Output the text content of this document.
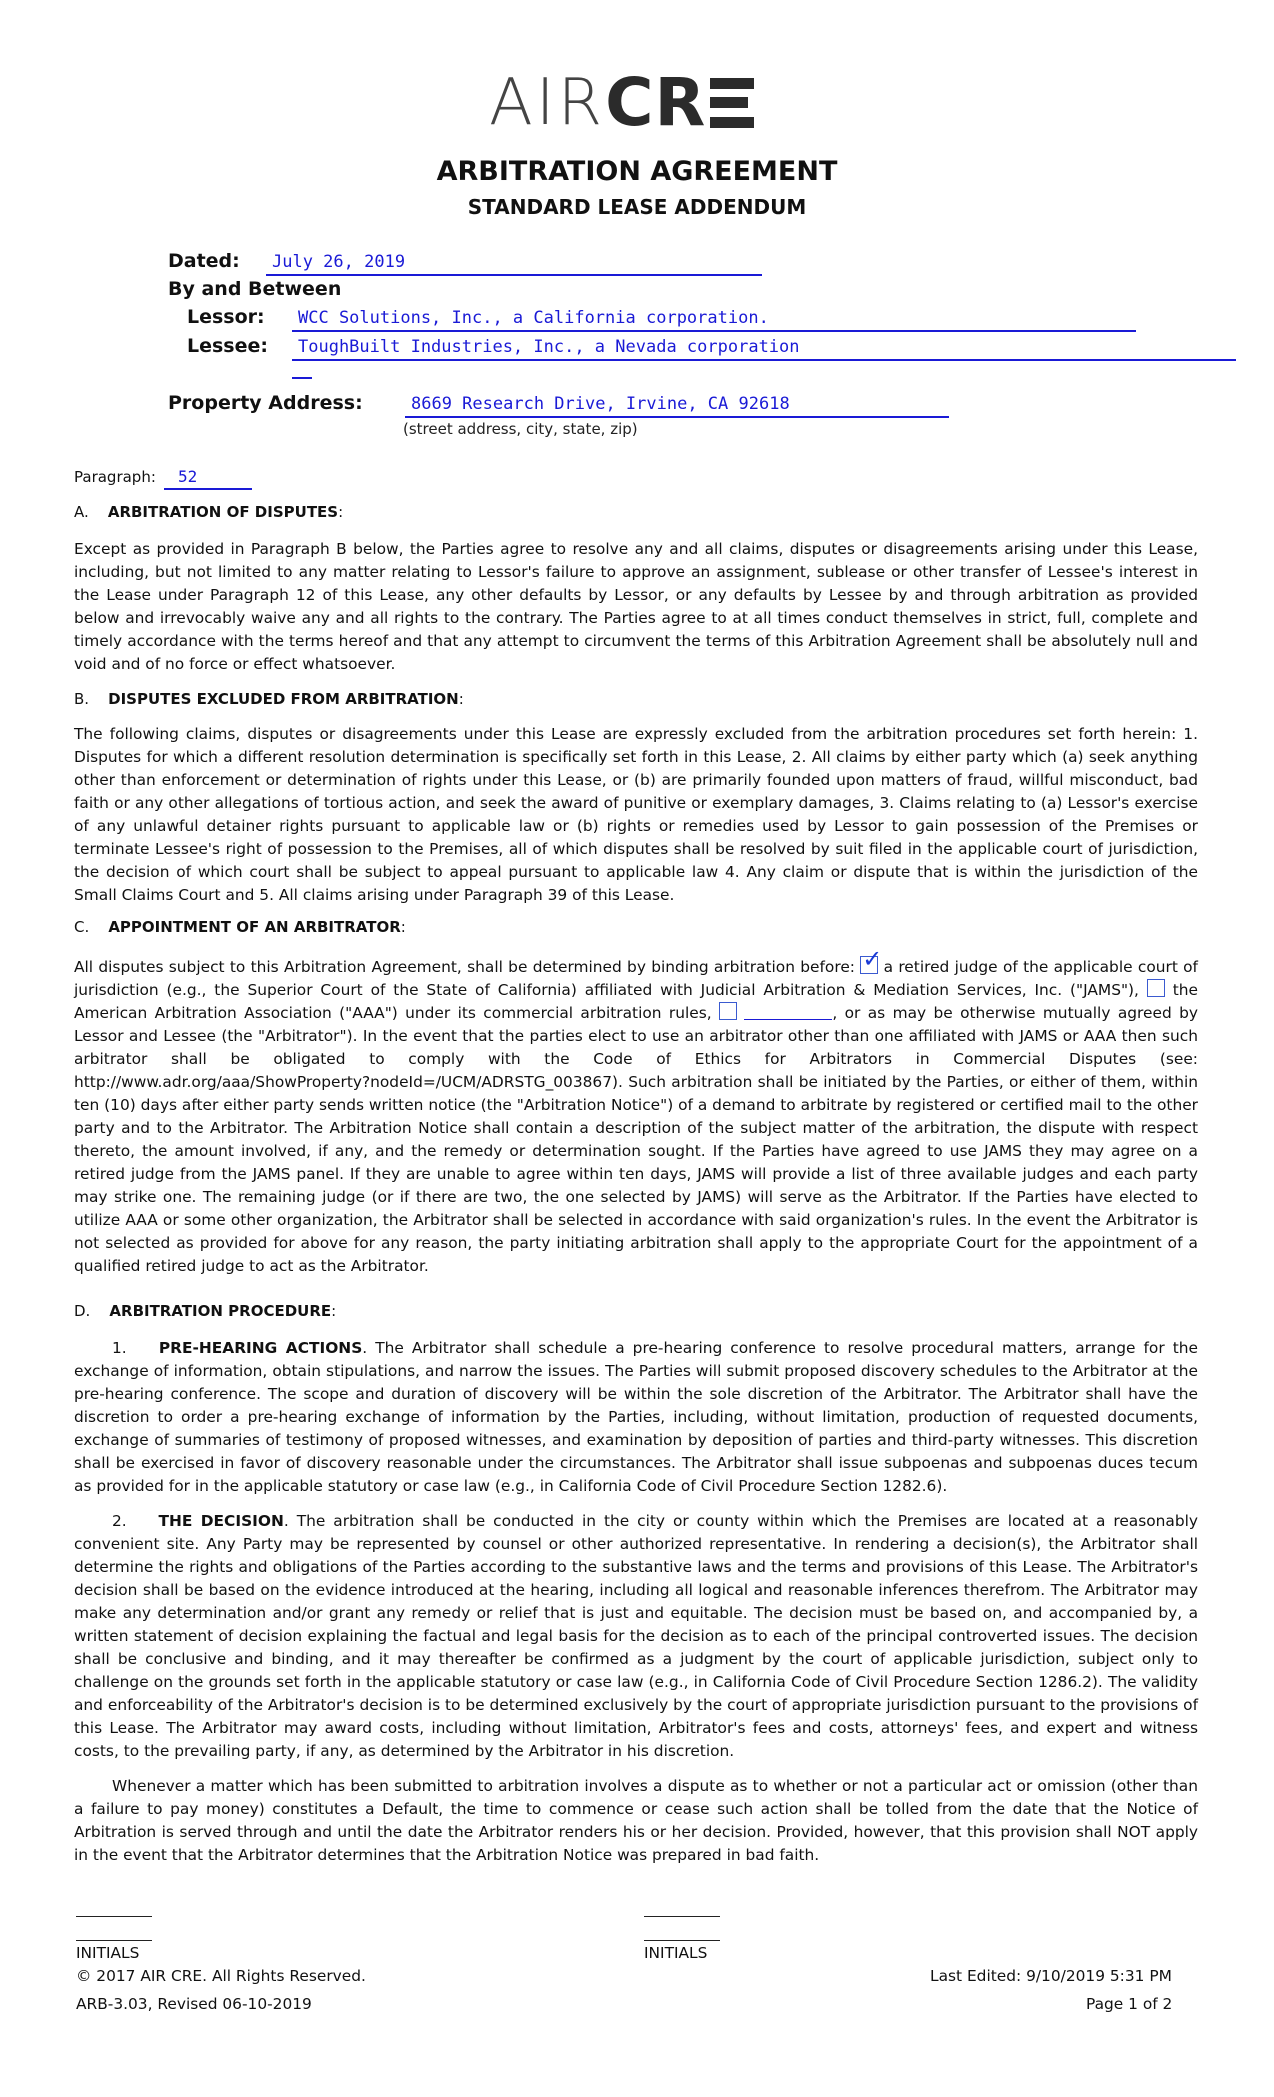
AIR CR
ARBITRATION AGREEMENT
STANDARD LEASE ADDENDUM
Dated:	July 26, 2019
By and Between
Lessor:	WCC Solutions, Inc., a California corporation.
Lessee:	ToughBuilt Industries, Inc., a Nevada corporation
Property Address:	8669 Research Drive, Irvine, CA 92618
(street address, city, state, zip)
Paragraph:	52
A. ARBITRATION OF DISPUTES:
Except as provided in Paragraph B below, the Parties agree to resolve any and all claims, disputes or disagreements arising under this Lease, including, but not limited to any matter relating to Lessor's failure to approve an assignment, sublease or other transfer of Lessee's interest in the Lease under Paragraph 12 of this Lease, any other defaults by Lessor, or any defaults by Lessee by and through arbitration as provided below and irrevocably waive any and all rights to the contrary. The Parties agree to at all times conduct themselves in strict, full, complete and timely accordance with the terms hereof and that any attempt to circumvent the terms of this Arbitration Agreement shall be absolutely null and void and of no force or effect whatsoever.
B. DISPUTES EXCLUDED FROM ARBITRATION:
The following claims, disputes or disagreements under this Lease are expressly excluded from the arbitration procedures set forth herein: 1. Disputes for which a different resolution determination is specifically set forth in this Lease, 2. All claims by either party which (a) seek anything other than enforcement or determination of rights under this Lease, or (b) are primarily founded upon matters of fraud, willful misconduct, bad faith or any other allegations of tortious action, and seek the award of punitive or exemplary damages, 3. Claims relating to (a) Lessor's exercise of any unlawful detainer rights pursuant to applicable law or (b) rights or remedies used by Lessor to gain possession of the Premises or terminate Lessee's right of possession to the Premises, all of which disputes shall be resolved by suit filed in the applicable court of jurisdiction, the decision of which court shall be subject to appeal pursuant to applicable law 4. Any claim or dispute that is within the jurisdiction of the Small Claims Court and 5. All claims arising under Paragraph 39 of this Lease.
C. APPOINTMENT OF AN ARBITRATOR:
All disputes subject to this Arbitration Agreement, shall be determined by binding arbitration before: ✓ a retired judge of the applicable court of jurisdiction (e.g., the Superior Court of the State of California) affiliated with Judicial Arbitration & Mediation Services, Inc. ("JAMS"), the American Arbitration Association ("AAA") under its commercial arbitration rules,	, or as may be otherwise mutually agreed by Lessor and Lessee (the "Arbitrator"). In the event that the parties elect to use an arbitrator other than one affiliated with JAMS or AAA then such arbitrator shall be obligated to comply with the Code of Ethics for Arbitrators in Commercial Disputes (see: http://www.adr.org/aaa/ShowProperty?nodeId=/UCM/ADRSTG_003867). Such arbitration shall be initiated by the Parties, or either of them, within ten (10) days after either party sends written notice (the "Arbitration Notice") of a demand to arbitrate by registered or certified mail to the other party and to the Arbitrator. The Arbitration Notice shall contain a description of the subject matter of the arbitration, the dispute with respect thereto, the amount involved, if any, and the remedy or determination sought. If the Parties have agreed to use JAMS they may agree on a retired judge from the JAMS panel. If they are unable to agree within ten days, JAMS will provide a list of three available judges and each party may strike one. The remaining judge (or if there are two, the one selected by JAMS) will serve as the Arbitrator. If the Parties have elected to utilize AAA or some other organization, the Arbitrator shall be selected in accordance with said organization's rules. In the event the Arbitrator is not selected as provided for above for any reason, the party initiating arbitration shall apply to the appropriate Court for the appointment of a qualified retired judge to act as the Arbitrator.
D. ARBITRATION PROCEDURE:
1. PRE-HEARING ACTIONS. The Arbitrator shall schedule a pre-hearing conference to resolve procedural matters, arrange for the exchange of information, obtain stipulations, and narrow the issues. The Parties will submit proposed discovery schedules to the Arbitrator at the pre-hearing conference. The scope and duration of discovery will be within the sole discretion of the Arbitrator. The Arbitrator shall have the discretion to order a pre-hearing exchange of information by the Parties, including, without limitation, production of requested documents, exchange of summaries of testimony of proposed witnesses, and examination by deposition of parties and third-party witnesses. This discretion shall be exercised in favor of discovery reasonable under the circumstances. The Arbitrator shall issue subpoenas and subpoenas duces tecum as provided for in the applicable statutory or case law (e.g., in California Code of Civil Procedure Section 1282.6).
2. THE DECISION. The arbitration shall be conducted in the city or county within which the Premises are located at a reasonably convenient site. Any Party may be represented by counsel or other authorized representative. In rendering a decision(s), the Arbitrator shall determine the rights and obligations of the Parties according to the substantive laws and the terms and provisions of this Lease. The Arbitrator's decision shall be based on the evidence introduced at the hearing, including all logical and reasonable inferences therefrom. The Arbitrator may make any determination and/or grant any remedy or relief that is just and equitable. The decision must be based on, and accompanied by, a written statement of decision explaining the factual and legal basis for the decision as to each of the principal controverted issues. The decision shall be conclusive and binding, and it may thereafter be confirmed as a judgment by the court of applicable jurisdiction, subject only to challenge on the grounds set forth in the applicable statutory or case law (e.g., in California Code of Civil Procedure Section 1286.2). The validity and enforceability of the Arbitrator's decision is to be determined exclusively by the court of appropriate jurisdiction pursuant to the provisions of this Lease. The Arbitrator may award costs, including without limitation, Arbitrator's fees and costs, attorneys' fees, and expert and witness costs, to the prevailing party, if any, as determined by the Arbitrator in his discretion.
Whenever a matter which has been submitted to arbitration involves a dispute as to whether or not a particular act or omission (other than a failure to pay money) constitutes a Default, the time to commence or cease such action shall be tolled from the date that the Notice of Arbitration is served through and until the date the Arbitrator renders his or her decision. Provided, however, that this provision shall NOT apply in the event that the Arbitrator determines that the Arbitration Notice was prepared in bad faith.
INITIALS	INITIALS
© 2017 AIR CRE. All Rights Reserved.
ARB-3.03, Revised 06-10-2019
Last Edited: 9/10/2019 5:31 PM
Page 1 of 2
